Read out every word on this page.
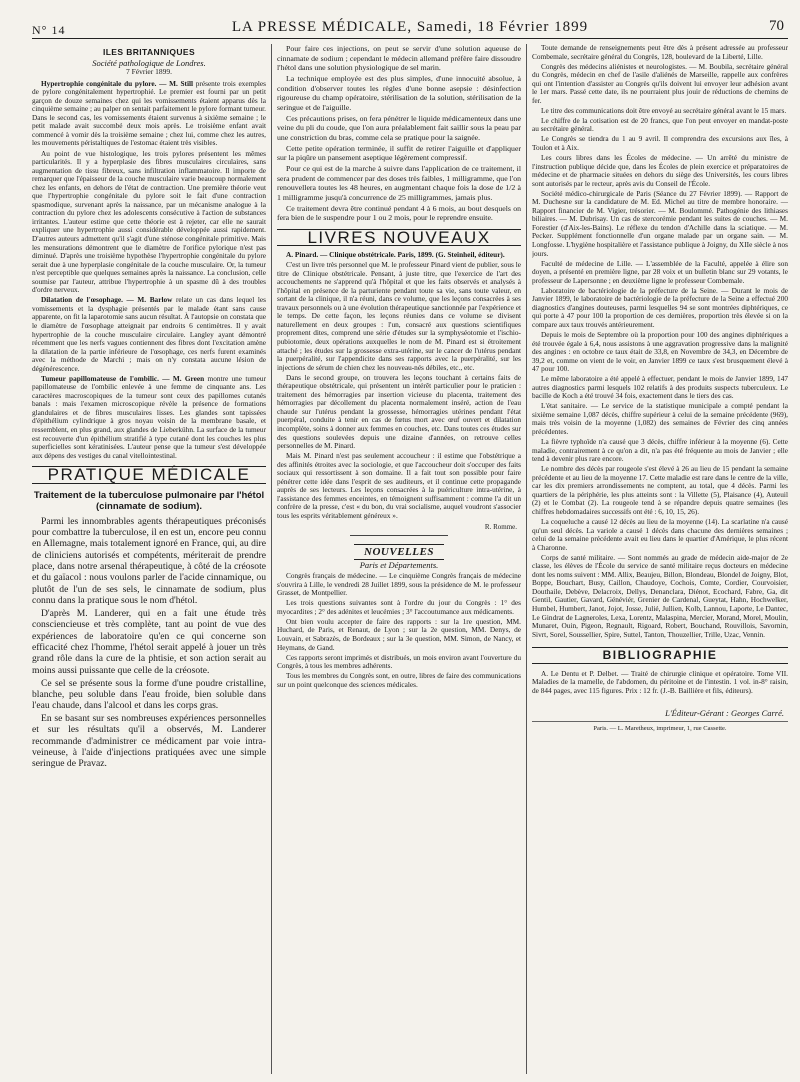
N° 14	LA PRESSE MÉDICALE, Samedi, 18 Février 1899	70
ILES BRITANNIQUES
Société pathologique de Londres.
7 Février 1899.

Hypertrophie congénitale du pylore. — M. Still présente trois exemples de pylore congénitalement hypertrophié. Le premier est fourni par un petit garçon de douze semaines chez qui les vomissements étaient apparus dès la cinquième semaine ; au palper on sentait parfaitement le pylore formant tumeur. Dans le second cas, les vomissements étaient survenus à sixième semaine ; le petit malade avait succombé deux mois après. Le troisième enfant avait commencé à vomir dès la troisième semaine ; chez lui, comme chez les autres, les mouvements péristaltiques de l'estomac étaient très visibles.

Au point de vue histologique, les trois pylores présentent les mêmes particularités. Il y a hyperplasie des fibres musculaires circulaires, sans augmentation de tissu fibreux, sans infiltration inflammatoire. Il importe de remarquer que l'épaisseur de la couche musculaire varie beaucoup normalement chez les enfants, en dehors de l'état de contraction. Une première théorie veut que l'hypertrophie congénitale du pylore soit le fait d'une contraction spasmodique, survenant après la naissance, par un mécanisme analogue à la contraction du pylore chez les adolescents consécutive à l'action de substances irritantes. L'auteur estime que cette théorie est à rejeter, car elle ne saurait expliquer une hypertrophie aussi considérable développée aussi rapidement. D'autres auteurs admettent qu'il s'agit d'une sténose congénitale primitive. Mais les mensurations démontrent que le diamètre de l'orifice pylorique n'est pas diminué. D'après une troisième hypothèse l'hypertrophie congénitale du pylore serait due à une hyperplasie congénitale de la couche musculaire. Or, la tumeur n'est perceptible que quelques semaines après la naissance. La conclusion, celle soumise par l'auteur, attribue l'hypertrophie à un spasme dû à des troubles d'ordre nerveux.

Dilatation de l'œsophage. — M. Barlow relate un cas dans lequel les vomissements et la dysphagie présentés par le malade étant sans cause apparente, on fit la laparotomie sans aucun résultat. À l'autopsie on constata que le diamètre de l'œsophage atteignait par endroits 6 centimètres. Il y avait hypertrophie de la couche musculaire circulaire. Langley ayant démontré récemment que les nerfs vagues contiennent des fibres dont l'excitation amène la dilatation de la partie inférieure de l'œsophage, ces nerfs furent examinés avec la méthode de Marchi ; mais on n'y constata aucune lésion de dégénérescence.

Tumeur papillomateuse de l'ombilic. — M. Green montre une tumeur papillomateuse de l'ombilic enlevée à une femme de cinquante ans. Les caractères macroscopiques de la tumeur sont ceux des papillomes cutanés banals : mais l'examen microscopique révèle la présence de formations glandulaires et de fibres musculaires lisses. Les glandes sont tapissées d'épithélium cylindrique à gros noyau voisin de la membrane basale, et ressemblent, en plus grand, aux glandes de Lieberkühn. La surface de la tumeur est recouverte d'un épithélium stratifié à type cutané dont les couches les plus superficielles sont kératinisées. L'auteur pense que la tumeur s'est développée aux dépens des vestiges du canal vitellointestinal.

PRATIQUE MÉDICALE
Traitement de la tuberculose pulmonaire par l'hétol (cinnamate de sodium).

Parmi les innombrables agents thérapeutiques préconisés pour combattre la tuberculose, il en est un, encore peu connu en Allemagne, mais totalement ignoré en France, qui, au dire de cliniciens autorisés et compétents, mériterait de prendre place, dans notre arsenal thérapeutique, à côté de la créosote et du gaïacol : nous voulons parler de l'acide cinnamique, ou plutôt de l'un de ses sels, le cinnamate de sodium, plus connu dans la pratique sous le nom d'hétol.

D'après M. Landerer, qui en a fait une étude très consciencieuse et très complète, tant au point de vue des expériences de laboratoire qu'en ce qui concerne son efficacité chez l'homme, l'hétol serait appelé à jouer un très grand rôle dans la cure de la phtisie, et son action serait au moins aussi puissante que celle de la créosote.

Ce sel se présente sous la forme d'une poudre cristalline, blanche, peu soluble dans l'eau froide, bien soluble dans l'eau chaude, dans l'alcool et dans les corps gras.

En se basant sur ses nombreuses expériences personnelles et sur les résultats qu'il a observés, M. Landerer recommande d'administrer ce médicament par voie intra-veineuse, à l'aide d'injections pratiquées avec une simple seringue de Pravaz.

Pour faire ces injections, on peut se servir d'une solution aqueuse de cinnamate de sodium ; cependant le médecin allemand préfère faire dissoudre l'hétol dans une solution physiologique de sel marin.

La technique employée est des plus simples, d'une innocuité absolue, à condition d'observer toutes les règles d'une bonne asepsie : désinfection rigoureuse du champ opératoire, stérilisation de la solution, stérilisation de la seringue et de l'aiguille.

Ces précautions prises, on fera pénétrer le liquide médicamenteux dans une veine du pli du coude, que l'on aura préalablement fait saillir sous la peau par une constriction du bras, comme cela se pratique pour la saignée.

Cette petite opération terminée, il suffit de retirer l'aiguille et d'appliquer sur la piqûre un pansement aseptique légèrement compressif.

Pour ce qui est de la marche à suivre dans l'application de ce traitement, il sera prudent de commencer par des doses très faibles, 1 milligramme, que l'on renouvellera toutes les 48 heures, en augmentant chaque fois la dose de 1/2 à 1 milligramme jusqu'à concurrence de 25 milligrammes, jamais plus.

Ce traitement devra être continué pendant 4 à 6 mois, au bout desquels on fera bien de le suspendre pour 1 ou 2 mois, pour le reprendre ensuite.

LIVRES NOUVEAUX

A. Pinard. — Clinique obstétricale. Paris, 1899. (G. Steinheil, éditeur).

C'est un livre très personnel que M. le professeur Pinard vient de publier, sous le titre de Clinique obstétricale. Pensant, à juste titre, que l'exercice de l'art des accouchements ne s'apprend qu'à l'hôpital et que les faits observés et analysés à l'hôpital en présence de la parturiente pendant toute sa vie, sans toute valeur, en sortant de la clinique, il n'a réuni, dans ce volume, que les leçons consacrées à ses travaux personnels ou à une évolution thérapeutique sanctionnée par l'expérience et le temps. De cette façon, les leçons réunies dans ce volume se divisent naturellement en deux groupes : l'un, consacré aux questions scientifiques proprement dites, comprend une série d'études sur la symphyséotomie et l'ischio-pubiotomie, deux opérations auxquelles le nom de M. Pinard est si étroitement attaché ; les études sur la grossesse extra-utérine, sur le cancer de l'utérus pendant la puerpéralité, sur l'appendicite dans ses rapports avec la puerpéralité, sur les injections de sérum de chien chez les nouveau-nés débiles, etc., etc.

Dans le second groupe, on trouvera les leçons touchant à certains faits de thérapeutique obstétricale, qui présentent un intérêt particulier pour le praticien : traitement des hémorragies par insertion vicieuse du placenta, traitement des hémorragies par décollement du placenta normalement inséré, action de l'eau chaude sur l'utérus pendant la grossesse, hémorragies utérines pendant l'état puerpéral, conduite à tenir en cas de fœtus mort avec œuf ouvert et dilatation incomplète, soins à donner aux femmes en couches, etc. Dans toutes ces études sur des questions soulevées depuis une dizaine d'années, on retrouve celles personnelles de M. Pinard.

Mais M. Pinard n'est pas seulement accoucheur : il estime que l'obstétrique a des affinités étroites avec la sociologie, et que l'accoucheur doit s'occuper des faits sociaux qui ressortissent à son domaine. Il a fait tout son possible pour faire pénétrer cette idée dans l'esprit de ses auditeurs, et il continue cette propagande auprès de ses lecteurs. Les leçons consacrées à la puériculture intra-utérine, à l'assistance des femmes enceintes, en témoignent suffisamment : comme l'a dit un confrère de la presse, c'est « du bon, du vrai socialisme, auquel voudront s'associer tous les esprits véritablement généreux ».

R. Romme.
NOUVELLES
Paris et Départements.

Congrès français de médecine. — Le cinquième Congrès français de médecine s'ouvrira à Lille, le vendredi 28 Juillet 1899, sous la présidence de M. le professeur Grasset, de Montpellier.

Les trois questions suivantes sont à l'ordre du jour du Congrès : 1° des myocardites ; 2° des adénites et leucémies ; 3° l'accoutumance aux médicaments.

Ont bien voulu accepter de faire des rapports : sur la 1re question, MM. Huchard, de Paris, et Renaut, de Lyon ; sur la 2e question, MM. Denys, de Louvain, et Sabrazès, de Bordeaux ; sur la 3e question, MM. Simon, de Nancy, et Heymans, de Gand.

Ces rapports seront imprimés et distribués, un mois environ avant l'ouverture du Congrès, à tous les membres adhérents.

Tous les membres du Congrès sont, en outre, libres de faire des communications sur un point quelconque des sciences médicales.

Toute demande de renseignements peut être dès à présent adressée au professeur Combemale, secrétaire général du Congrès, 128, boulevard de la Liberté, Lille.

Congrès des médecins aliénistes et neurologistes. — M. Boubila, secrétaire général du Congrès, médecin en chef de l'asile d'aliénés de Marseille, rappelle aux confrères qui ont l'intention d'assister au Congrès qu'ils doivent lui envoyer leur adhésion avant le 1er mars. Passé cette date, ils ne pourraient plus jouir de réductions de chemins de fer.

Le titre des communications doit être envoyé au secrétaire général avant le 15 mars.

Le chiffre de la cotisation est de 20 francs, que l'on peut envoyer en mandat-poste au secrétaire général.

Le Congrès se tiendra du 1 au 9 avril. Il comprendra des excursions aux îles, à Toulon et à Aix.

Les cours libres dans les Écoles de médecine. — Un arrêté du ministre de l'instruction publique décide que, dans les Écoles de plein exercice et préparatoires de médecine et de pharmacie situées en dehors du siège des Universités, les cours libres sont autorisés par le recteur, après avis du Conseil de l'École.

Société médico-chirurgicale de Paris (Séance du 27 Février 1899). — Rapport de M. Duchesne sur la candidature de M. Ed. Michel au titre de membre honoraire. — Rapport financier de M. Vigier, trésorier. — M. Boulommé. Pathogénie des lithiases biliaires. — M. Dubrisay. Un cas de stercorémie pendant les suites de couches. — M. Forestier (d'Aix-les-Bains). Le réflexe du tendon d'Achille dans la sciatique. — M. Pecker. Supplément fonctionnelle d'un organe malade par un organe sain. — M. Longfosse. L'hygiène hospitalière et l'assistance publique à Joigny, du XIIe siècle à nos jours.

Faculté de médecine de Lille. — L'assemblée de la Faculté, appelée à élire son doyen, a présenté en première ligne, par 28 voix et un bulletin blanc sur 29 votants, le professeur de Lapersonne ; en deuxième ligne le professeur Combemale.

Laboratoire de bactériologie de la préfecture de la Seine. — Durant le mois de Janvier 1899, le laboratoire de bactériologie de la préfecture de la Seine a effectué 200 diagnostics d'angines douteuses, parmi lesquelles 94 se sont montrées diphtériques, ce qui porte à 47 pour 100 la proportion de ces dernières, proportion très élevée si on la compare aux taux trouvés antérieurement.

Depuis le mois de Septembre où la proportion pour 100 des angines diphtériques a été trouvée égale à 6,4, nous assistons à une aggravation progressive dans la malignité des angines : en octobre ce taux était de 33,8, en Novembre de 34,3, en Décembre de 39,2 et, comme on vient de le voir, en Janvier 1899 ce taux s'est brusquement élevé à 47 pour 100.

Le même laboratoire a été appelé à effectuer, pendant le mois de Janvier 1899, 147 autres diagnostics parmi lesquels 102 relatifs à des produits suspects tuberculeux. Le bacille de Koch a été trouvé 34 fois, exactement dans le tiers des cas.

L'état sanitaire. — Le service de la statistique municipale a compté pendant la sixième semaine 1,087 décès, chiffre supérieur à celui de la semaine précédente (969), mais très voisin de la moyenne (1,082) des semaines de Février des cinq années précédentes.

La fièvre typhoïde n'a causé que 3 décès, chiffre inférieur à la moyenne (6). Cette maladie, contrairement à ce qu'on a dit, n'a pas été fréquente au mois de Janvier ; elle tend à devenir plus rare encore.

Le nombre des décès par rougeole s'est élevé à 26 au lieu de 15 pendant la semaine précédente et au lieu de la moyenne 17. Cette maladie est rare dans le centre de la ville, car les dix premiers arrondissements ne comptent, au total, que 4 décès. Parmi les quartiers de la périphérie, les plus atteints sont : la Villette (5), Plaisance (4), Auteuil (2) et le Combat (2). La rougeole tend à se répandre depuis quatre semaines (les chiffres hebdomadaires successifs ont été : 6, 10, 15, 26).

La coqueluche a causé 12 décès au lieu de la moyenne (14). La scarlatine n'a causé qu'un seul décès. La variole a causé 1 décès dans chacune des dernières semaines ; celui de la semaine précédente avait eu lieu dans le quartier d'Amérique, le plus récent à Charonne.

Corps de santé militaire. — Sont nommés au grade de médecin aide-major de 2e classe, les élèves de l'École du service de santé militaire reçus docteurs en médecine dont les noms suivent : MM. Allix, Beaujeu, Billon, Blondeau, Blondel de Joigny, Blot, Boppe, Bouchart, Busy, Caillon, Chaudoye, Cochois, Comte, Cordier, Courvoisier, Douthaile, Debève, Delacroix, Dellys, Denanclara, Diénot, Ecochard, Fabre, Ga, dit Gentil, Gautier, Gavard, Généviér, Grenier de Cardenal, Gueytat, Hahn, Hochwelker, Humbel, Humbert, Janot, Jojot, Josse, Julié, Jullien, Kolb, Lannou, Laporte, Le Dantec, Le Gindrat de Lagneroles, Lexa, Lorentz, Malaspina, Mercier, Morand, Morel, Moulin, Munaret, Ouin, Pigeon, Regnault, Rigoard, Robert, Bouchand, Rouvillois, Savornin, Sivrt, Sorel, Soussellier, Spire, Suttel, Tanton, Thouzellier, Trille, Uzac, Vennin.

BIBLIOGRAPHIE

A. Le Dentu et P. Delbet. — Traité de chirurgie clinique et opératoire. Tome VII. Maladies de la mamelle, de l'abdomen, du péritoine et de l'intestin. 1 vol. in-8° raisin, de 844 pages, avec 115 figures. Prix : 12 fr. (J.-B. Baillière et fils, éditeurs).

L'Éditeur-Gérant : Georges Carré.
Paris. — L. Maretheux, imprimeur, 1, rue Cassette.
